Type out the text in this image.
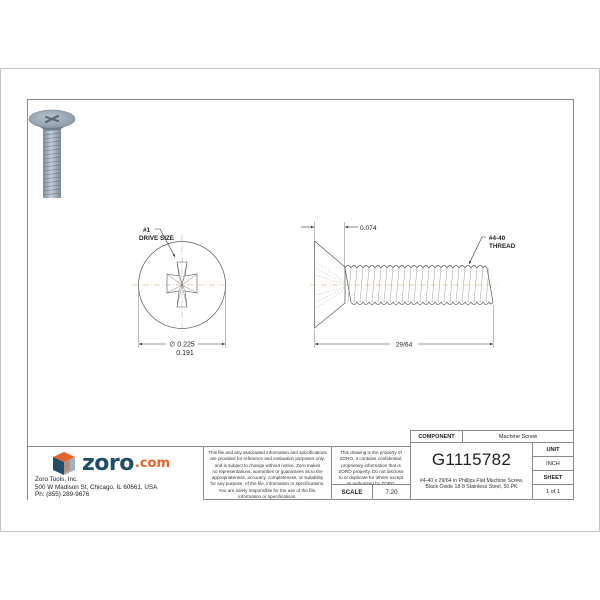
#1
DRIVE SIZE
∅ 0.225
0.191
0.074
29/64
#4-40
THREAD
zoro .com
Zoro Tools, Inc.
500 W Madison St, Chicago, IL 60661, USA
Ph: (855) 289-9676
This file and any associated information and specifications
are provided for reference and evaluation purposes only,
and is subject to change without notice. Zoro makes
no representations, warranties or guarantees as to the
appropriateness, accuracy, completeness, or suitability
for any purpose, of the file, information or specifications.
You are solely responsible for the use of the file,
information or specifications.
This drawing is the property of
ZORO. It contains confidential,
proprietary information that is
ZORO property. Do not disclose
to or duplicate for others except
SCALE	7.20
COMPONENT	Machine Screw
G1115782
#4-40 x 29/64 in Phillips Flat Machine Screw,
Black Oxide 18-8 Stainless Steel, 50 PK
UNIT
INCH
SHEET
1 of 1
